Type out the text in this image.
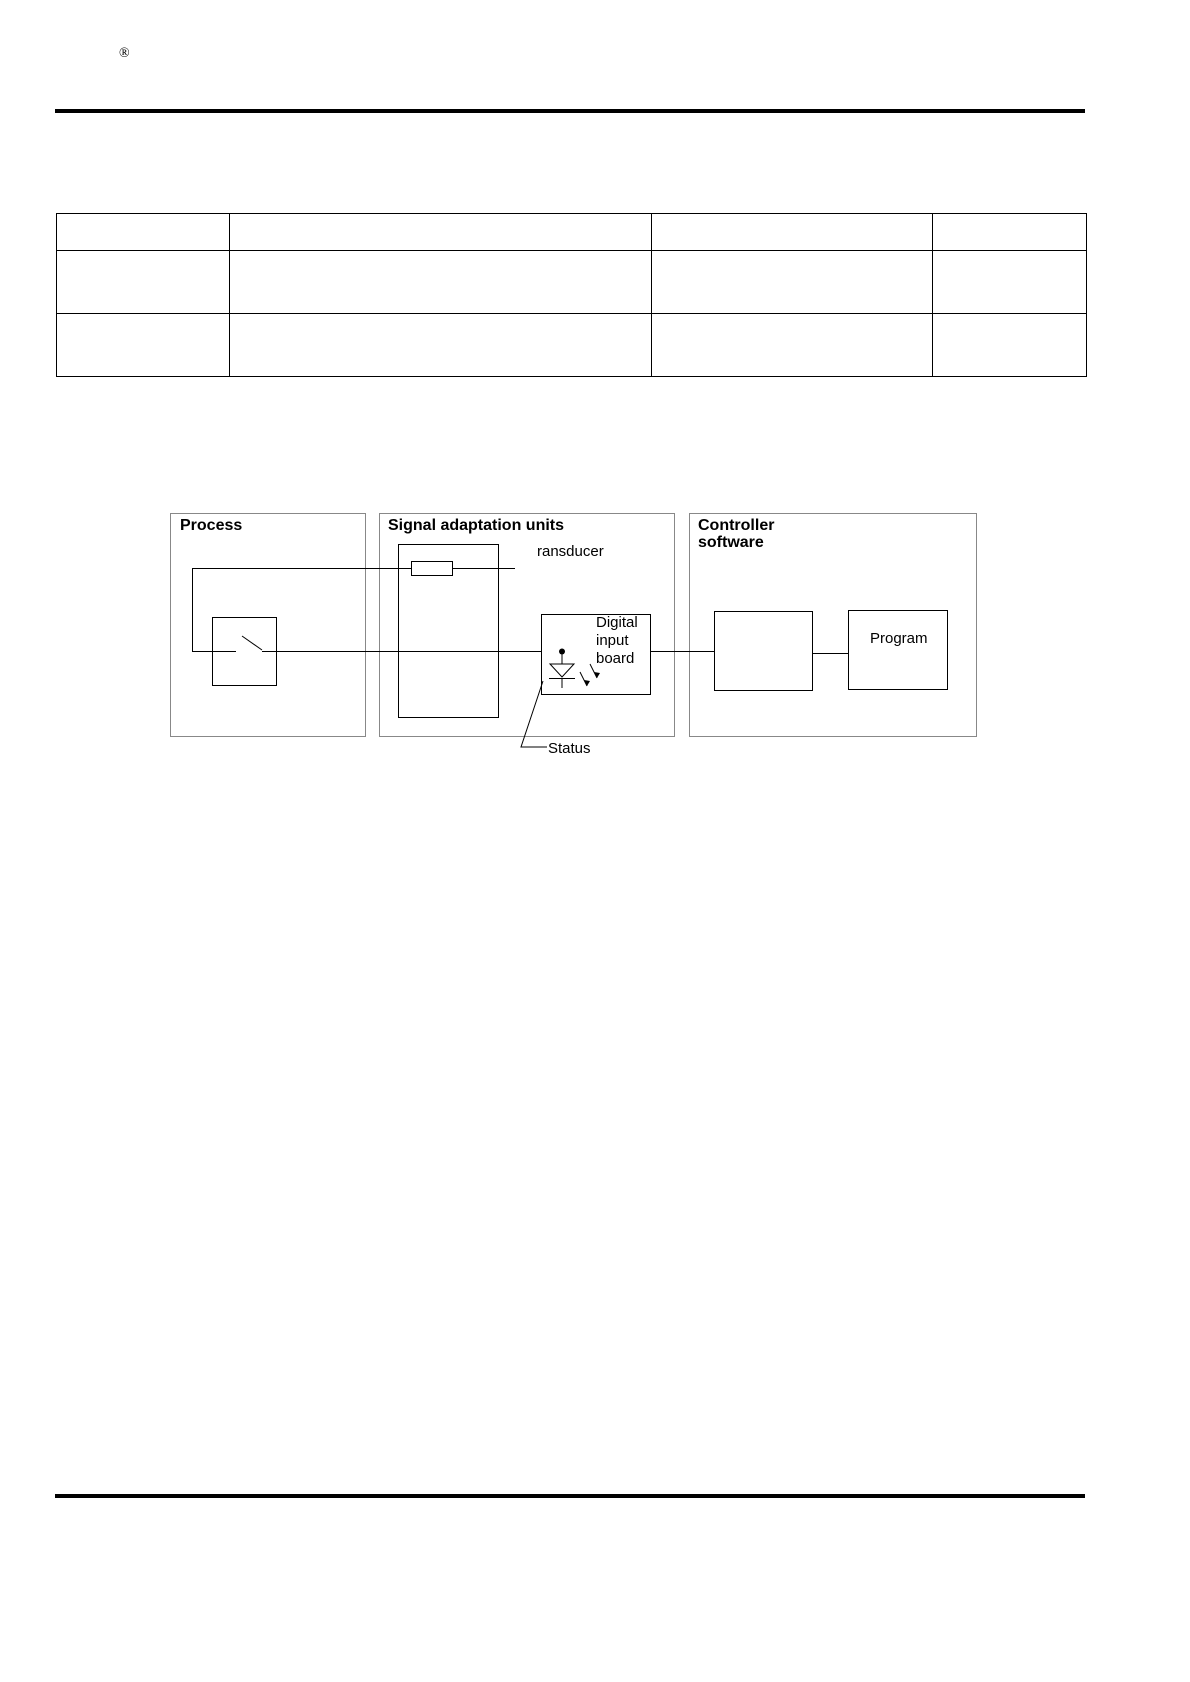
®

Process	Signal adaptation units	Controller
software
ransducer
Digital
input
board
Status
Program
